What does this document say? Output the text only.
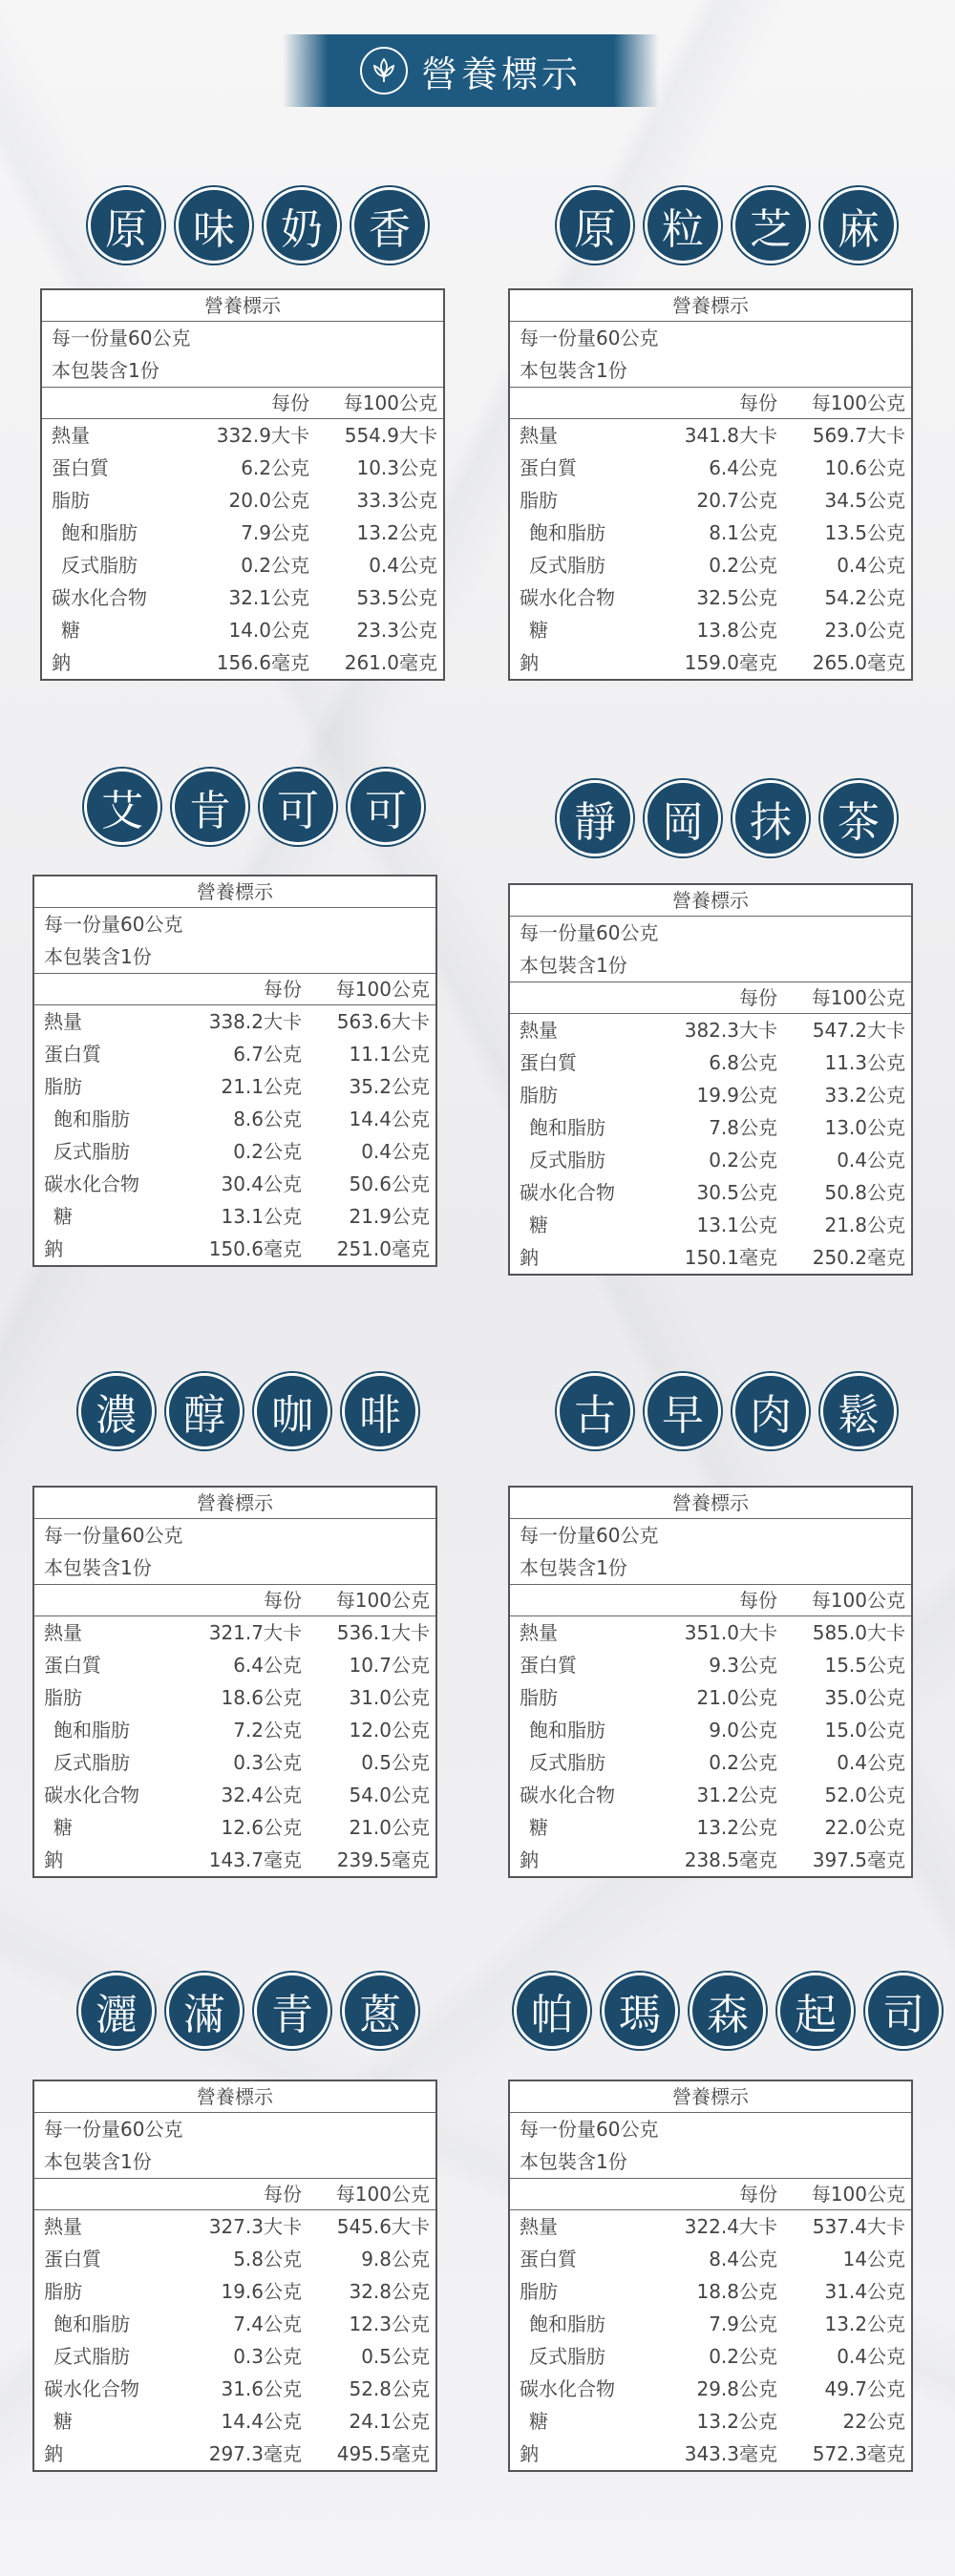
營養標示
原	味	奶	香
營養標示
每一份量60公克
本包裝含1份
每份	每100公克
熱量	332.9大卡	554.9大卡
蛋白質	6.2公克	10.3公克
脂肪	20.0公克	33.3公克
飽和脂肪	7.9公克	13.2公克
反式脂肪	0.2公克	0.4公克
碳水化合物	32.1公克	53.5公克
糖	14.0公克	23.3公克
鈉	156.6毫克	261.0毫克
原	粒	芝	麻
營養標示
每一份量60公克
本包裝含1份
每份	每100公克
熱量	341.8大卡	569.7大卡
蛋白質	6.4公克	10.6公克
脂肪	20.7公克	34.5公克
飽和脂肪	8.1公克	13.5公克
反式脂肪	0.2公克	0.4公克
碳水化合物	32.5公克	54.2公克
糖	13.8公克	23.0公克
鈉	159.0毫克	265.0毫克
艾	肯	可	可
營養標示
每一份量60公克
本包裝含1份
每份	每100公克
熱量	338.2大卡	563.6大卡
蛋白質	6.7公克	11.1公克
脂肪	21.1公克	35.2公克
飽和脂肪	8.6公克	14.4公克
反式脂肪	0.2公克	0.4公克
碳水化合物	30.4公克	50.6公克
糖	13.1公克	21.9公克
鈉	150.6毫克	251.0毫克
靜	岡	抹	茶
營養標示
每一份量60公克
本包裝含1份
每份	每100公克
熱量	382.3大卡	547.2大卡
蛋白質	6.8公克	11.3公克
脂肪	19.9公克	33.2公克
飽和脂肪	7.8公克	13.0公克
反式脂肪	0.2公克	0.4公克
碳水化合物	30.5公克	50.8公克
糖	13.1公克	21.8公克
鈉	150.1毫克	250.2毫克
濃	醇	咖	啡
營養標示
每一份量60公克
本包裝含1份
每份	每100公克
熱量	321.7大卡	536.1大卡
蛋白質	6.4公克	10.7公克
脂肪	18.6公克	31.0公克
飽和脂肪	7.2公克	12.0公克
反式脂肪	0.3公克	0.5公克
碳水化合物	32.4公克	54.0公克
糖	12.6公克	21.0公克
鈉	143.7毫克	239.5毫克
古	早	肉	鬆
營養標示
每一份量60公克
本包裝含1份
每份	每100公克
熱量	351.0大卡	585.0大卡
蛋白質	9.3公克	15.5公克
脂肪	21.0公克	35.0公克
飽和脂肪	9.0公克	15.0公克
反式脂肪	0.2公克	0.4公克
碳水化合物	31.2公克	52.0公克
糖	13.2公克	22.0公克
鈉	238.5毫克	397.5毫克
灑	滿	青	蔥
營養標示
每一份量60公克
本包裝含1份
每份	每100公克
熱量	327.3大卡	545.6大卡
蛋白質	5.8公克	9.8公克
脂肪	19.6公克	32.8公克
飽和脂肪	7.4公克	12.3公克
反式脂肪	0.3公克	0.5公克
碳水化合物	31.6公克	52.8公克
糖	14.4公克	24.1公克
鈉	297.3毫克	495.5毫克
帕	瑪	森	起	司
營養標示
每一份量60公克
本包裝含1份
每份	每100公克
熱量	322.4大卡	537.4大卡
蛋白質	8.4公克	14公克
脂肪	18.8公克	31.4公克
飽和脂肪	7.9公克	13.2公克
反式脂肪	0.2公克	0.4公克
碳水化合物	29.8公克	49.7公克
糖	13.2公克	22公克
鈉	343.3毫克	572.3毫克
